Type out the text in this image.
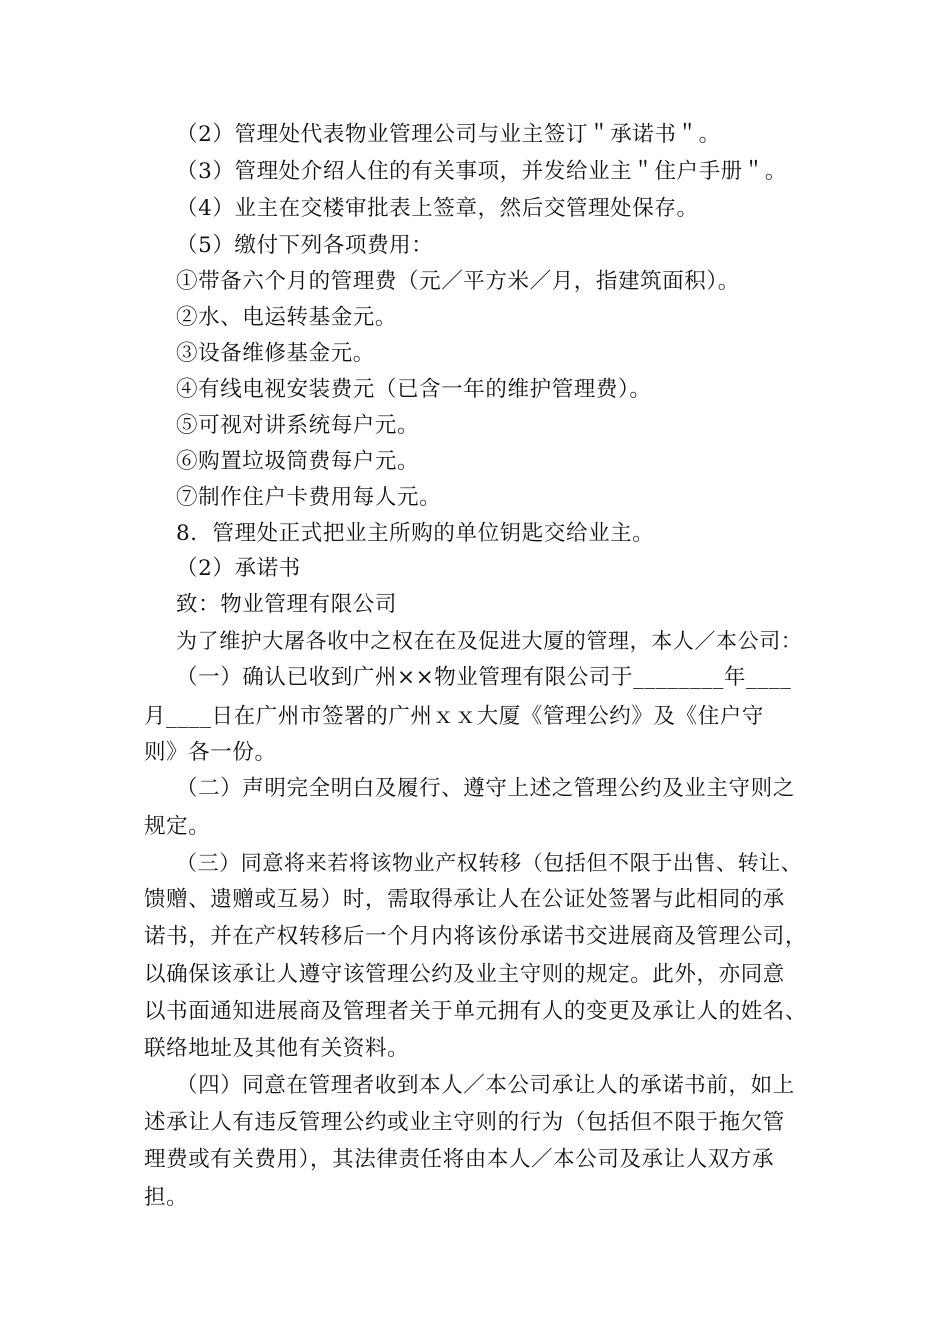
（2）管理处代表物业管理公司与业主签订＂承诺书＂。
（3）管理处介绍人住的有关事项，并发给业主＂住户手册＂。
（4）业主在交楼审批表上签章，然后交管理处保存。
（5）缴付下列各项费用：
①带备六个月的管理费（元／平方米／月，指建筑面积）。
②水、电运转基金元。
③设备维修基金元。
④有线电视安装费元（已含一年的维护管理费）。
⑤可视对讲系统每户元。
⑥购置垃圾筒费每户元。
⑦制作住户卡费用每人元。
8．管理处正式把业主所购的单位钥匙交给业主。
（2）承诺书
致：物业管理有限公司
为了维护大屠各收中之权在在及促进大厦的管理，本人／本公司：
（一）确认已收到广州××物业管理有限公司于________年____
月____日在广州市签署的广州ｘｘ大厦《管理公约》及《住户守
则》各一份。
（二）声明完全明白及履行、遵守上述之管理公约及业主守则之
规定。
（三）同意将来若将该物业产权转移（包括但不限于出售、转让、
馈赠、遗赠或互易）时，需取得承让人在公证处签署与此相同的承
诺书，并在产权转移后一个月内将该份承诺书交进展商及管理公司，
以确保该承让人遵守该管理公约及业主守则的规定。此外，亦同意
以书面通知进展商及管理者关于单元拥有人的变更及承让人的姓名、
联络地址及其他有关资料。
（四）同意在管理者收到本人／本公司承让人的承诺书前，如上
述承让人有违反管理公约或业主守则的行为（包括但不限于拖欠管
理费或有关费用），其法律责任将由本人／本公司及承让人双方承
担。
